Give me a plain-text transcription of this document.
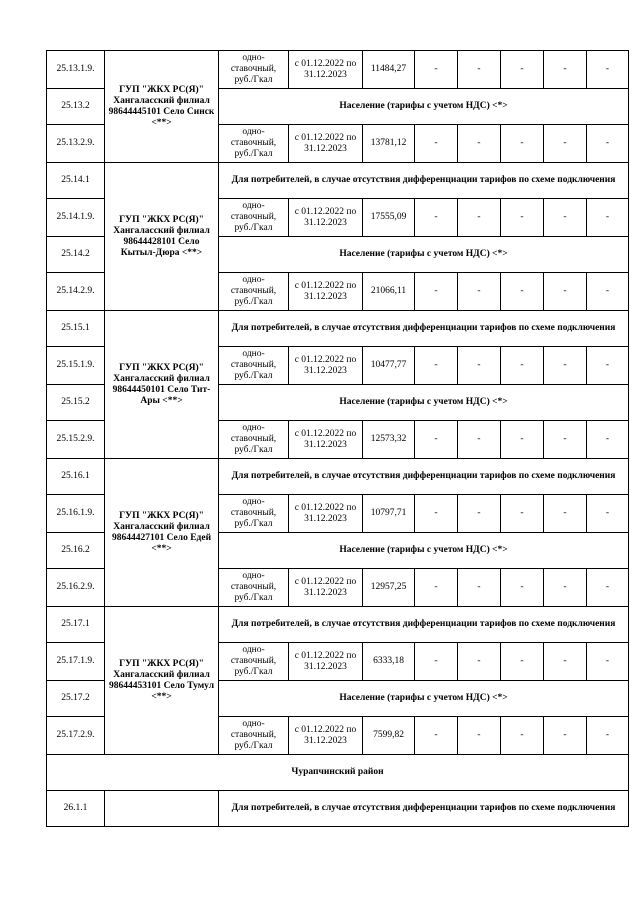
25.13.1.9.	ГУП "ЖКХ РС(Я)" Хангаласский филиал 98644445101 Село Синск <**>	одно-ставочный, руб./Гкал	с 01.12.2022 по 31.12.2023	11484,27	-	-	-	-	-
25.13.2		Население (тарифы с учетом НДС) <*>							
25.13.2.9.		одно-ставочный, руб./Гкал	с 01.12.2022 по 31.12.2023	13781,12	-	-	-	-	-
25.14.1	ГУП "ЖКХ РС(Я)" Хангаласский филиал 98644428101 Село Кытыл-Дюра <**>	Для потребителей, в случае отсутствия дифференциации тарифов по схеме подключения							
25.14.1.9.		одно-ставочный, руб./Гкал	с 01.12.2022 по 31.12.2023	17555,09	-	-	-	-	-
25.14.2		Население (тарифы с учетом НДС) <*>							
25.14.2.9.		одно-ставочный, руб./Гкал	с 01.12.2022 по 31.12.2023	21066,11	-	-	-	-	-
25.15.1	ГУП "ЖКХ РС(Я)" Хангаласский филиал 98644450101 Село Тит-Ары <**>	Для потребителей, в случае отсутствия дифференциации тарифов по схеме подключения							
25.15.1.9.		одно-ставочный, руб./Гкал	с 01.12.2022 по 31.12.2023	10477,77	-	-	-	-	-
25.15.2		Население (тарифы с учетом НДС) <*>							
25.15.2.9.		одно-ставочный, руб./Гкал	с 01.12.2022 по 31.12.2023	12573,32	-	-	-	-	-
25.16.1	ГУП "ЖКХ РС(Я)" Хангаласский филиал 98644427101 Село Едей <**>	Для потребителей, в случае отсутствия дифференциации тарифов по схеме подключения							
25.16.1.9.		одно-ставочный, руб./Гкал	с 01.12.2022 по 31.12.2023	10797,71	-	-	-	-	-
25.16.2		Население (тарифы с учетом НДС) <*>							
25.16.2.9.		одно-ставочный, руб./Гкал	с 01.12.2022 по 31.12.2023	12957,25	-	-	-	-	-
25.17.1	ГУП "ЖКХ РС(Я)" Хангаласский филиал 98644453101 Село Тумул <**>	Для потребителей, в случае отсутствия дифференциации тарифов по схеме подключения							
25.17.1.9.		одно-ставочный, руб./Гкал	с 01.12.2022 по 31.12.2023	6333,18	-	-	-	-	-
25.17.2		Население (тарифы с учетом НДС) <*>							
25.17.2.9.		одно-ставочный, руб./Гкал	с 01.12.2022 по 31.12.2023	7599,82	-	-	-	-	-
Чурапчинский район									
26.1.1		Для потребителей, в случае отсутствия дифференциации тарифов по схеме подключения							
